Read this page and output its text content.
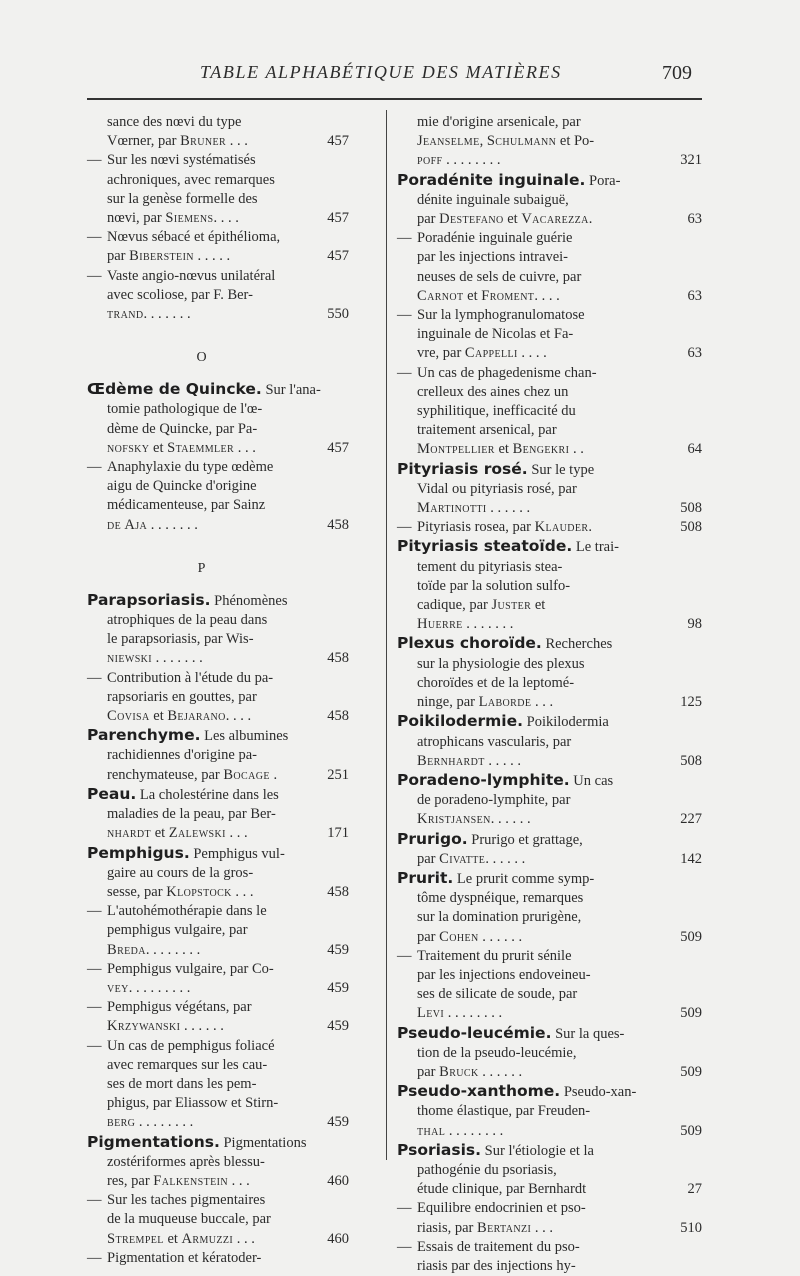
TABLE ALPHABÉTIQUE DES MATIÈRES	709
sance des nœvi du type
Vœrner, par Bruner . . .	457
— Sur les nœvi systématisés
achroniques, avec remarques
sur la genèse formelle des
nœvi, par Siemens. . . .	457
— Nœvus sébacé et épithélioma,
par Biberstein . . . . .	457
— Vaste angio-nœvus unilatéral
avec scoliose, par F. Ber-
trand. . . . . . .	550
O
Œdème de Quincke. Sur l'ana-
tomie pathologique de l'œ-
dème de Quincke, par Pa-
nofsky et Staemmler . . .	457
— Anaphylaxie du type œdème
aigu de Quincke d'origine
médicamenteuse, par Sainz
de Aja . . . . . . .	458
P
Parapsoriasis. Phénomènes
atrophiques de la peau dans
le parapsoriasis, par Wis-
niewski . . . . . . .	458
— Contribution à l'étude du pa-
rapsoriaris en gouttes, par
Covisa et Bejarano. . . .	458
Parenchyme. Les albumines
rachidiennes d'origine pa-
renchymateuse, par Bocage .	251
Peau. La cholestérine dans les
maladies de la peau, par Ber-
nhardt et Zalewski . . .	171
Pemphigus. Pemphigus vul-
gaire au cours de la gros-
sesse, par Klopstock . . .	458
— L'autohémothérapie dans le
pemphigus vulgaire, par
Breda. . . . . . . .	459
— Pemphigus vulgaire, par Co-
vey. . . . . . . . .	459
— Pemphigus végétans, par
Krzywanski . . . . . .	459
— Un cas de pemphigus foliacé
avec remarques sur les cau-
ses de mort dans les pem-
phigus, par Eliassow et Stirn-
berg . . . . . . . .	459
Pigmentations. Pigmentations
zostériformes après blessu-
res, par Falkenstein . . .	460
— Sur les taches pigmentaires
de la muqueuse buccale, par
Strempel et Armuzzi . . .	460
— Pigmentation et kératoder-
mie d'origine arsenicale, par
Jeanselme, Schulmann et Po-
poff . . . . . . . .	321
Poradénite inguinale. Pora-
dénite inguinale subaiguë,
par Destefano et Vacarezza.	63
— Poradénie inguinale guérie
par les injections intravei-
neuses de sels de cuivre, par
Carnot et Froment. . . .	63
— Sur la lymphogranulomatose
inguinale de Nicolas et Fa-
vre, par Cappelli . . . .	63
— Un cas de phagedenisme chan-
crelleux des aines chez un
syphilitique, inefficacité du
traitement arsenical, par
Montpellier et Bengekri . .	64
Pityriasis rosé. Sur le type
Vidal ou pityriasis rosé, par
Martinotti . . . . . .	508
— Pityriasis rosea, par Klauder.	508
Pityriasis steatoïde. Le trai-
tement du pityriasis stea-
toïde par la solution sulfo-
cadique, par Juster et
Huerre . . . . . . .	98
Plexus choroïde. Recherches
sur la physiologie des plexus
choroïdes et de la leptomé-
ninge, par Laborde . . .	125
Poikilodermie. Poikilodermia
atrophicans vascularis, par
Bernhardt . . . . .	508
Poradeno-lymphite. Un cas
de poradeno-lymphite, par
Kristjansen. . . . . .	227
Prurigo. Prurigo et grattage,
par Civatte. . . . . .	142
Prurit. Le prurit comme symp-
tôme dyspnéique, remarques
sur la domination prurigène,
par Cohen . . . . . .	509
— Traitement du prurit sénile
par les injections endoveineu-
ses de silicate de soude, par
Levi . . . . . . . .	509
Pseudo-leucémie. Sur la ques-
tion de la pseudo-leucémie,
par Bruck . . . . . .	509
Pseudo-xanthome. Pseudo-xan-
thome élastique, par Freuden-
thal . . . . . . . .	509
Psoriasis. Sur l'étiologie et la
pathogénie du psoriasis,
étude clinique, par Bernhardt	27
— Equilibre endocrinien et pso-
riasis, par Bertanzi . . .	510
— Essais de traitement du pso-
riasis par des injections hy-
